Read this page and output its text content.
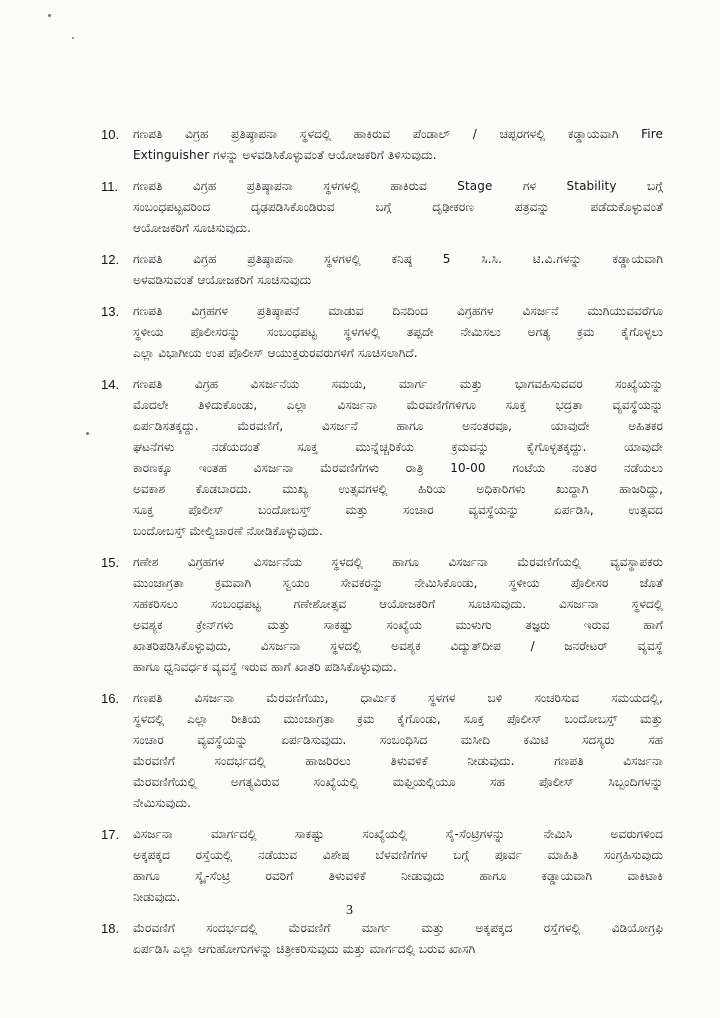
10. ಗಣಪತಿ ವಿಗ್ರಹ ಪ್ರತಿಷ್ಠಾಪನಾ ಸ್ಥಳದಲ್ಲಿ ಹಾಕಿರುವ ಪೆಂಡಾಲ್ / ಚಪ್ಪರಗಳಲ್ಲಿ ಕಡ್ಡಾಯವಾಗಿ Fire
Extinguisher ಗಳನ್ನು ಅಳವಡಿಸಿಕೊಳ್ಳುವಂತೆ ಆಯೋಜಕರಿಗೆ ತಿಳಿಸುವುದು.
11. ಗಣಪತಿ ವಿಗ್ರಹ ಪ್ರತಿಷ್ಠಾಪನಾ ಸ್ಥಳಗಳಲ್ಲಿ ಹಾಕಿರುವ Stage ಗಳ Stability ಬಗ್ಗೆ
ಸಂಬಂಧಪಟ್ಟವರಿಂದ ದೃಢಪಡಿಸಿಕೊಂಡಿರುವ ಬಗ್ಗೆ ದೃಢೀಕರಣ ಪತ್ರವನ್ನು ಪಡೆದುಕೊಳ್ಳುವಂತೆ
ಆಯೋಜಕರಿಗೆ ಸೂಚಿಸುವುದು.
12. ಗಣಪತಿ ವಿಗ್ರಹ ಪ್ರತಿಷ್ಠಾಪನಾ ಸ್ಥಳಗಳಲ್ಲಿ ಕನಿಷ್ಠ 5 ಸಿ.ಸಿ. ಟಿ.ವಿ.ಗಳನ್ನು ಕಡ್ಡಾಯವಾಗಿ
ಅಳವಡಿಸುವಂತೆ ಆಯೋಜಕರಿಗೆ ಸೂಚಿಸುವುದು
13. ಗಣಪತಿ ವಿಗ್ರಹಗಳ ಪ್ರತಿಷ್ಠಾಪನೆ ಮಾಡುವ ದಿನದಿಂದ ವಿಗ್ರಹಗಳ ವಿಸರ್ಜನೆ ಮುಗಿಯುವವರೆಗೂ
ಸ್ಥಳೀಯ ಪೊಲೀಸರನ್ನು ಸಂಬಂಧಪಟ್ಟ ಸ್ಥಳಗಳಲ್ಲಿ ತಪ್ಪದೇ ನೇಮಿಸಲು ಅಗತ್ಯ ಕ್ರಮ ಕೈಗೊಳ್ಳಲು
ಎಲ್ಲಾ ವಿಭಾಗೀಯ ಉಪ ಪೊಲೀಸ್ ಆಯುಕ್ತರುರವರುಗಳಿಗೆ ಸೂಚಿಸಲಾಗಿದೆ.
14. ಗಣಪತಿ ವಿಗ್ರಹ ವಿಸರ್ಜನೆಯ ಸಮಯ, ಮಾರ್ಗ ಮತ್ತು ಭಾಗವಹಿಸುವವರ ಸಂಖ್ಯೆಯನ್ನು
ಮೊದಲೇ ತಿಳಿದುಕೊಂಡು, ಎಲ್ಲಾ ವಿಸರ್ಜನಾ ಮೆರವಣಿಗೆಗಳಿಗೂ ಸೂಕ್ತ ಭದ್ರತಾ ವ್ಯವಸ್ಥೆಯನ್ನು
ಏರ್ಪಡಿಸತಕ್ಕದ್ದು. ಮೆರವಣಿಗೆ, ವಿಸರ್ಜನೆ ಹಾಗೂ ಅನಂತರವೂ, ಯಾವುದೇ ಅಹಿತಕರ
ಘಟನೆಗಳು ನಡೆಯದಂತೆ ಸೂಕ್ತ ಮುನ್ನೆಚ್ಚರಿಕೆಯ ಕ್ರಮವನ್ನು ಕೈಗೊಳ್ಳತಕ್ಕದ್ದು. ಯಾವುದೇ
ಕಾರಣಕ್ಕೂ ಇಂತಹ ವಿಸರ್ಜನಾ ಮೆರವಣಿಗೆಗಳು ರಾತ್ರಿ 10-00 ಗಂಟೆಯ ನಂತರ ನಡೆಯಲು
ಅವಕಾಶ ಕೊಡಬಾರದು. ಮುಖ್ಯ ಉತ್ಸವಗಳಲ್ಲಿ ಹಿರಿಯ ಅಧಿಕಾರಿಗಳು ಖುದ್ದಾಗಿ ಹಾಜರಿದ್ದು,
ಸೂಕ್ತ ಪೊಲೀಸ್ ಬಂದೋಬಸ್ತ್ ಮತ್ತು ಸಂಚಾರ ವ್ಯವಸ್ಥೆಯನ್ನು ಏರ್ಪಡಿಸಿ, ಉತ್ಸವದ
ಬಂದೋಬಸ್ತ್ ಮೇಲ್ವಿಚಾರಣೆ ನೋಡಿಕೊಳ್ಳುವುದು.
15. ಗಣೇಶ ವಿಗ್ರಹಗಳ ವಿಸರ್ಜನೆಯ ಸ್ಥಳದಲ್ಲಿ ಹಾಗೂ ವಿಸರ್ಜನಾ ಮೆರವಣಿಗೆಯಲ್ಲಿ ವ್ಯವಸ್ಥಾಪಕರು
ಮುಂಜಾಗ್ರತಾ ಕ್ರಮವಾಗಿ ಸ್ವಯಂ ಸೇವಕರನ್ನು ನೇಮಿಸಿಕೊಂಡು, ಸ್ಥಳೀಯ ಪೊಲೀಸರ ಜೊತೆ
ಸಹಕರಿಸಲು ಸಂಬಂಧಪಟ್ಟ ಗಣೇಶೋತ್ಸವ ಆಯೋಜಕರಿಗೆ ಸೂಚಿಸುವುದು. ವಿಸರ್ಜನಾ ಸ್ಥಳದಲ್ಲಿ
ಅವಶ್ಯಕ ಕ್ರೇನ್‌ಗಳು ಮತ್ತು ಸಾಕಷ್ಟು ಸಂಖ್ಯೆಯ ಮುಳುಗು ತಜ್ಞರು ಇರುವ ಹಾಗೆ
ಖಾತರಿಪಡಿಸಿಕೊಳ್ಳುವುದು, ವಿಸರ್ಜನಾ ಸ್ಥಳದಲ್ಲಿ ಅವಶ್ಯಕ ವಿದ್ಯುತ್‌ದೀಪ / ಜನರೇಟರ್ ವ್ಯವಸ್ಥೆ
ಹಾಗೂ ಧ್ವನಿವರ್ಧಕ ವ್ಯವಸ್ಥೆ ಇರುವ ಹಾಗೆ ಖಾತರಿ ಪಡಿಸಿಕೊಳ್ಳುವುದು.
16. ಗಣಪತಿ ವಿಸರ್ಜನಾ ಮೆರವಣಿಗೆಯು, ಧಾರ್ಮಿಕ ಸ್ಥಳಗಳ ಬಳಿ ಸಂಚರಿಸುವ ಸಮಯದಲ್ಲಿ,
ಸ್ಥಳದಲ್ಲಿ ಎಲ್ಲಾ ರೀತಿಯ ಮುಂಜಾಗ್ರತಾ ಕ್ರಮ ಕೈಗೊಂಡು, ಸೂಕ್ತ ಪೊಲೀಸ್ ಬಂದೋಬಸ್ತ್ ಮತ್ತು
ಸಂಚಾರ ವ್ಯವಸ್ಥೆಯನ್ನು ಏರ್ಪಡಿಸುವುದು. ಸಂಬಂಧಿಸಿದ ಮಸೀದಿ ಕಮಿಟಿ ಸದಸ್ಯರು ಸಹ
ಮೆರವಣಿಗೆ ಸಂದರ್ಭದಲ್ಲಿ ಹಾಜರಿರಲು ತಿಳುವಳಿಕೆ ನೀಡುವುದು. ಗಣಪತಿ ವಿಸರ್ಜನಾ
ಮೆರವಣಿಗೆಯಲ್ಲಿ ಅಗತ್ಯವಿರುವ ಸಂಖ್ಯೆಯಲ್ಲಿ ಮಫ್ತಿಯಲ್ಲಿಯೂ ಸಹ ಪೊಲೀಸ್ ಸಿಬ್ಬಂದಿಗಳನ್ನು
ನೇಮಿಸುವುದು.
17. ವಿಸರ್ಜನಾ ಮಾರ್ಗದಲ್ಲಿ ಸಾಕಷ್ಟು ಸಂಖ್ಯೆಯಲ್ಲಿ ಸೈ-ಸೆಂಟ್ರಿಗಳನ್ನು ನೇಮಿಸಿ ಅವರುಗಳಿಂದ
ಅಕ್ಕಪಕ್ಕದ ರಸ್ತೆಯಲ್ಲಿ ನಡೆಯುವ ವಿಶೇಷ ಬೆಳವಣಿಗೆಗಳ ಬಗ್ಗೆ ಪೂರ್ವ ಮಾಹಿತಿ ಸಂಗ್ರಹಿಸುವುದು
ಹಾಗೂ ಸ್ಕೈ-ಸೆಂಟ್ರಿ ರವರಿಗೆ ತಿಳುವಳಿಕೆ ನೀಡುವುದು ಹಾಗೂ ಕಡ್ಡಾಯವಾಗಿ ವಾಕಿಟಾಕಿ
ನೀಡುವುದು.
18. ಮೆರವಣಿಗೆ ಸಂದರ್ಭದಲ್ಲಿ ಮೆರವಣಿಗೆ ಮಾರ್ಗ ಮತ್ತು ಅಕ್ಕಪಕ್ಕದ ರಸ್ತೆಗಳಲ್ಲಿ ವಿಡಿಯೋಗ್ರಫಿ
ಏರ್ಪಡಿಸಿ ಎಲ್ಲಾ ಆಗುಹೋಗುಗಳನ್ನು ಚಿತ್ರೀಕರಿಸುವುದು ಮತ್ತು ಮಾರ್ಗದಲ್ಲಿ ಬರುವ ಖಾಸಗಿ
3
